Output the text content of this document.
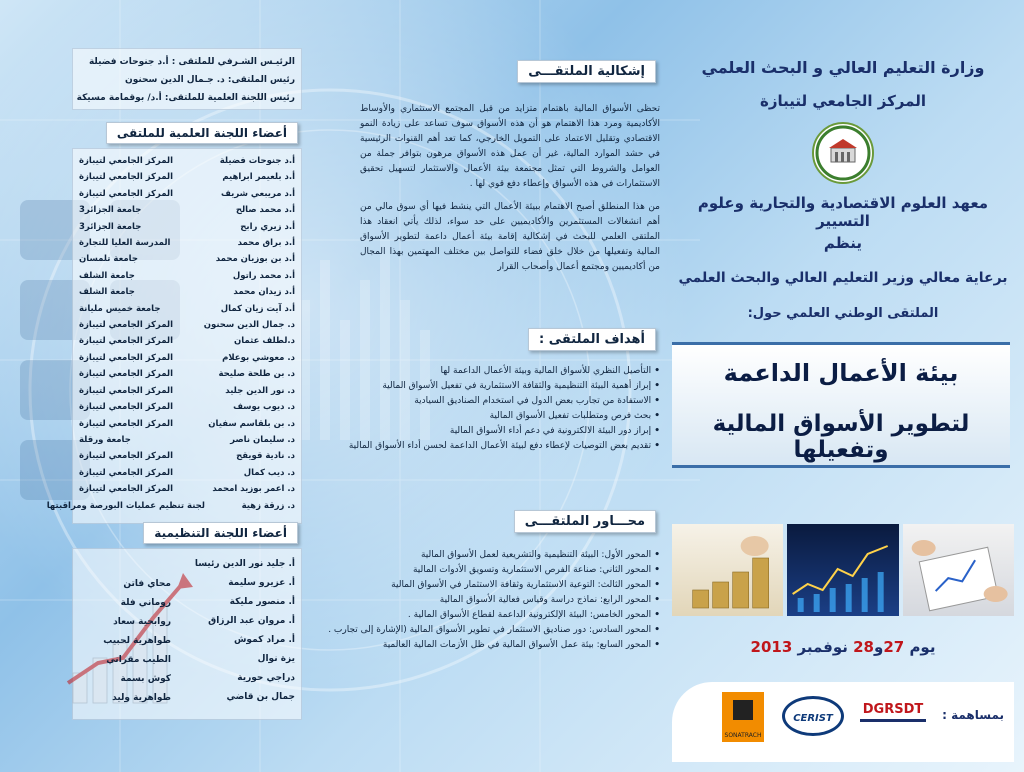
وزارة التعليم العالي و البحث العلمي
المركز الجامعي لتيبازة
معهد العلوم الاقتصادية والتجارية وعلوم التسيير
ينظم
برعاية معالي وزير التعليم العالي والبحث العلمي
الملتقى الوطني العلمي حول:
بيئة الأعمال الداعمة
لتطوير الأسواق المالية وتفعيلها
يوم 27و28 نوفمبر 2013
بمساهمة :
DGRSDT
CERIST
SONATRACH
إشكالية الملتقـــى
تحظى الأسواق المالية باهتمام متزايد من قبل المجتمع الاستثماري والأوساط الأكاديمية ومرد هذا الاهتمام هو أن هذه الأسواق سوف تساعد على زيادة النمو الاقتصادي وتقليل الاعتماد على التمويل الخارجي، كما تعد أهم القنوات الرئيسية في حشد الموارد المالية، غير أن عمل هذه الأسواق مرهون بتوافر جملة من العوامل والشروط التي تمثل مجتمعة بيئة الأعمال والاستثمار لتسهيل تحقيق الاستثمارات في هذه الأسواق وإعطاء دفع قوي لها .
من هذا المنطلق أصبح الاهتمام ببيئة الأعمال التي ينشط فيها أي سوق مالي من أهم انشغالات المستثمرين والأكاديميين على حد سواء، لذلك يأتي انعقاد هذا الملتقى العلمي للبحث في إشكالية إقامة بيئة أعمال داعمة لتطوير الأسواق المالية وتفعيلها من خلال خلق فضاء للتواصل بين مختلف المهتمين بهذا المجال من أكاديميين ومجتمع أعمال وأصحاب القرار
أهداف الملتقى :
• التأصيل النظري للأسواق المالية وبيئة الأعمال الداعمة لها
• إبراز أهمية البيئة التنظيمية والثقافة الاستثمارية في تفعيل الأسواق المالية
• الاستفادة من تجارب بعض الدول في استخدام الصناديق السيادية
• بحث فرص ومتطلبات تفعيل الأسواق المالية
• إبراز دور البيئة الالكترونية في دعم أداء الأسواق المالية
• تقديم بعض التوصيات لإعطاء دفع لبيئة الأعمال الداعمة لحسن أداء الأسواق المالية
محـــاور الملتقـــى
• المحور الأول: البيئة التنظيمية والتشريعية لعمل الأسواق المالية
• المحور الثاني: صناعة الفرص الاستثمارية وتسويق الأدوات المالية
• المحور الثالث: التوعية الاستثمارية وثقافة الاستثمار في الأسواق المالية
• المحور الرابع: نماذج دراسة وقياس فعالية الأسواق المالية
• المحور الخامس: البيئة الإلكترونية الداعمة لقطاع الأسواق المالية .
• المحور السادس: دور صناديق الاستثمار في تطوير الأسواق المالية (الإشارة إلى تجارب .
• المحور السابع: بيئة عمل الأسواق المالية في ظل الأزمات المالية العالمية
الرئيـس الشـرفي للملتقى : أ.د جنوحات فضيلة
رئيس الملتقى: د. جـمال الدين سحنون
رئيس اللجنة العلمية للملتقى: أ.د/ بوقمامة مسيكة
أعضاء اللجنة العلمية للملتقى
أ.د جنوحات فضيلة
المركز الجامعي لتيبازة
أ.د بلعيمر ابراهيم
المركز الجامعي لتيبازة
أ.د مريبعي شريف
المركز الجامعي لتيبازة
أ.د محمد صالح
جامعة الجزائر3
أ.د زيري رابح
جامعة الجزائر3
أ.د براق محمد
المدرسة العليا للتجارة
أ.د بن بوزيان محمد
جامعة تلمسان
أ.د محمد راتول
جامعة الشلف
أ.د زيدان محمد
جامعة الشلف
أ.د آيت زيان كمال
جامعة خميس مليانة
د. جمال الدين سحنون
المركز الجامعي لتيبازة
د.لطلف عثمان
المركز الجامعي لتيبازة
د. معوشي بوعلام
المركز الجامعي لتيبازة
د. بن طلحة صليحة
المركز الجامعي لتيبازة
د. نور الدين جليد
المركز الجامعي لتيبازة
د. ديوب يوسف
المركز الجامعي لتيبازة
د. بن بلقاسم سفيان
المركز الجامعي لتيبازة
د. سليمان ناصر
جامعة ورقلة
د. نادية قويقح
المركز الجامعي لتيبازة
د. ديب كمال
المركز الجامعي لتيبازة
د. اعمر بوزيد امحمد
المركز الجامعي لتيبازة
د. زرقة زهية
لجنة تنظيم عمليات البورصة ومراقبتها
أعضاء اللجنة التنظيمية
أ. جليد نور الدين رئيسا
أ. عزيرو سليمة
أ. منصور مليكة
أ. مروان عبد الرزاق
أ. مراد كموش
يزة نوال
دراجي حورية
جمال بن قاضي
محاي فاتن
روماني فلة
روابحية سعاد
طواهرية لحبيب
الطيب مقراني
كوش بسمة
طواهرية وليد
